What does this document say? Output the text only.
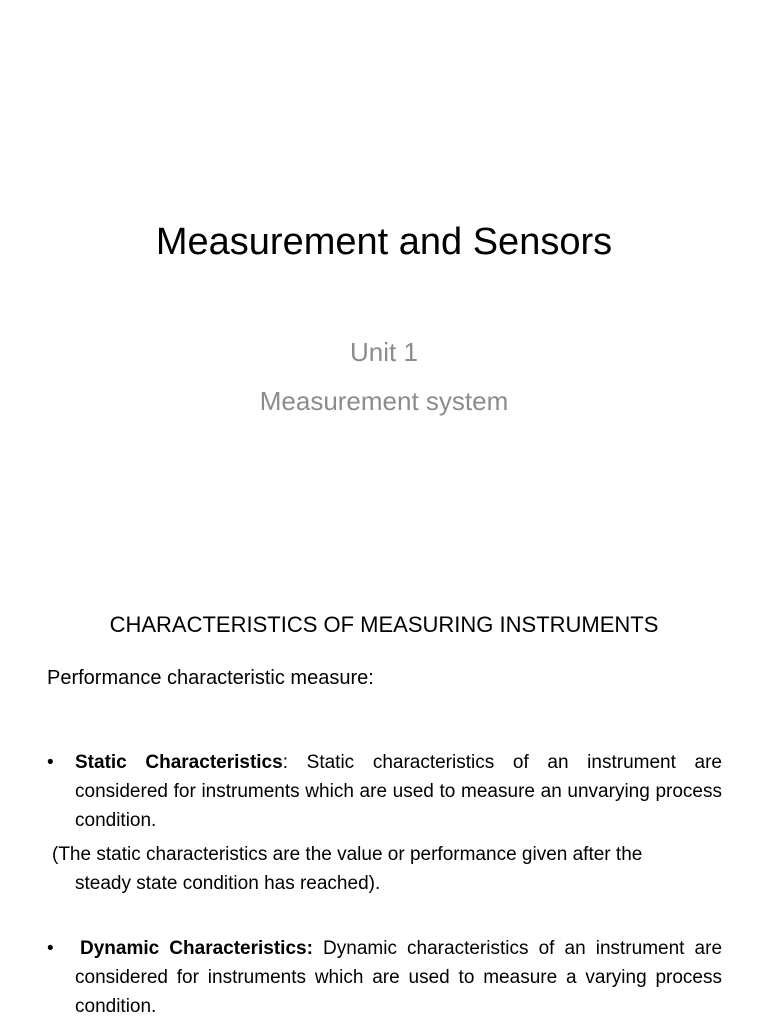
Measurement and Sensors
Unit 1
Measurement system
CHARACTERISTICS OF MEASURING INSTRUMENTS
Performance characteristic measure:
• Static Characteristics: Static characteristics of an instrument are considered for instruments which are used to measure an unvarying process condition.
(The static characteristics are the value or performance given after the
steady state condition has reached).
• Dynamic Characteristics: Dynamic characteristics of an instrument are considered for instruments which are used to measure a varying process condition.
